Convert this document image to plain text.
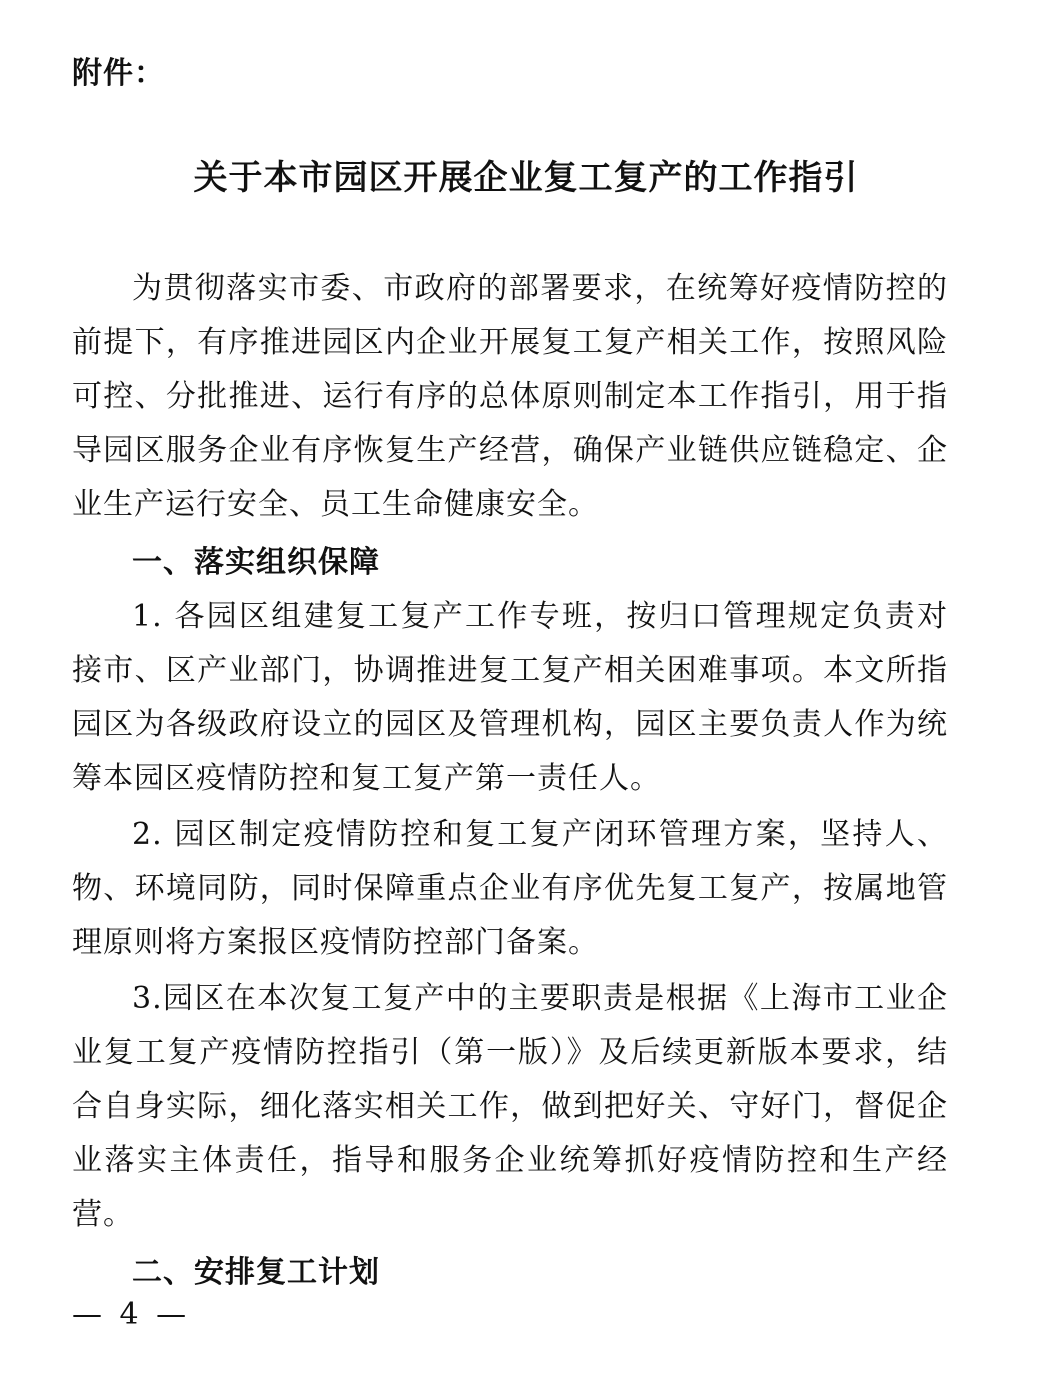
附件：
关于本市园区开展企业复工复产的工作指引

为贯彻落实市委、市政府的部署要求，在统筹好疫情防控的前提下，有序推进园区内企业开展复工复产相关工作，按照风险可控、分批推进、运行有序的总体原则制定本工作指引，用于指导园区服务企业有序恢复生产经营，确保产业链供应链稳定、企业生产运行安全、员工生命健康安全。

一、落实组织保障

1. 各园区组建复工复产工作专班，按归口管理规定负责对接市、区产业部门，协调推进复工复产相关困难事项。本文所指园区为各级政府设立的园区及管理机构，园区主要负责人作为统筹本园区疫情防控和复工复产第一责任人。

2. 园区制定疫情防控和复工复产闭环管理方案，坚持人、物、环境同防，同时保障重点企业有序优先复工复产，按属地管理原则将方案报区疫情防控部门备案。

3.园区在本次复工复产中的主要职责是根据《上海市工业企业复工复产疫情防控指引（第一版）》及后续更新版本要求，结合自身实际，细化落实相关工作，做到把好关、守好门，督促企业落实主体责任，指导和服务企业统筹抓好疫情防控和生产经营。

二、安排复工计划

— 4 —
